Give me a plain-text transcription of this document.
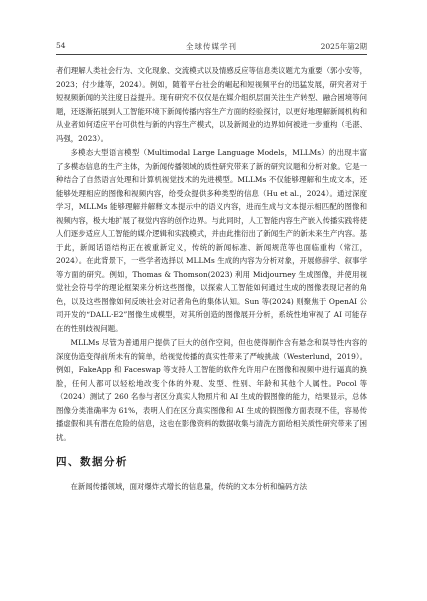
54	全球传媒学刊	2025年第2期

者们理解人类社会行为、文化现象、交流模式以及情感反应等信息类议题尤为重要（郭小安等，2023；付少雄等，2024）。例如，随着平台社会的崛起和短视频平台的迅猛发展，研究者对于短视频新闻的关注度日益提升。现有研究不仅仅是在媒介组织层面关注生产转型、融合困境等问题，还逐渐拓展到人工智能环境下新闻传播内容生产方面的经验探讨，以更好地理解新闻机构和从业者如何适应平台可供性与新的内容生产模式，以及新闻业的边界如何被进一步重构（毛湛、冯强，2023）。

多模态大型语言模型（Multimodal Large Language Models，MLLMs）的出现丰富了多模态信息的生产主体，为新闻传播领域的质性研究带来了新的研究议题和分析对象。它是一种结合了自然语言处理和计算机视觉技术的先进模型。MLLMs 不仅能够理解和生成文本，还能够处理相应的图像和视频内容，给受众提供多种类型的信息（Hu et al.，2024）。通过深度学习，MLLMs 能够理解并解释文本提示中的语义内容，进而生成与文本提示相匹配的图像和视频内容，极大地扩展了视觉内容的创作边界。与此同时，人工智能内容生产嵌入传播实践将使人们逐步适应人工智能的媒介逻辑和实践模式，并由此推衍出了新闻生产的新未来生产内容。基于此，新闻话语结构正在被重新定义，传统的新闻标准、新闻规范等也面临重构（常江，2024）。在此背景下，一些学者选择以 MLLMs 生成的内容为分析对象，开展修辞学、叙事学等方面的研究。例如，Thomas & Thomson(2023) 利用 Midjourney 生成图像，并使用视觉社会符号学的理论框架来分析这些图像，以探索人工智能如何通过生成的图像表现记者的角色，以及这些图像如何反映社会对记者角色的集体认知。Sun 等(2024) 则聚焦于 OpenAI 公司开发的“DALL·E2”图像生成模型，对其所创造的图像展开分析，系统性地审视了 AI 可能存在的性别歧视问题。

MLLMs 尽管为普通用户提供了巨大的创作空间，但也使得制作含有悬念和误导性内容的深度伪造变得前所未有的简单，给视觉传播的真实性带来了严峻挑战（Westerlund，2019）。例如，FakeApp 和 Faceswap 等支持人工智能的软件允许用户在图像和视频中进行逼真的换脸，任何人都可以轻松地改变个体的外观、发型、性别、年龄和其他个人属性。Pocol 等（2024）测试了 260 名参与者区分真实人物照片和 AI 生成的假图像的能力，结果显示，总体图像分类准确率为 61%，表明人们在区分真实图像和 AI 生成的假图像方面表现不佳，容易传播虚假和具有潜在危险的信息，这也在影像资料的数据收集与清洗方面给相关质性研究带来了困扰。

四、数据分析

在新闻传播领域，面对爆炸式增长的信息量，传统的文本分析和编码方法
